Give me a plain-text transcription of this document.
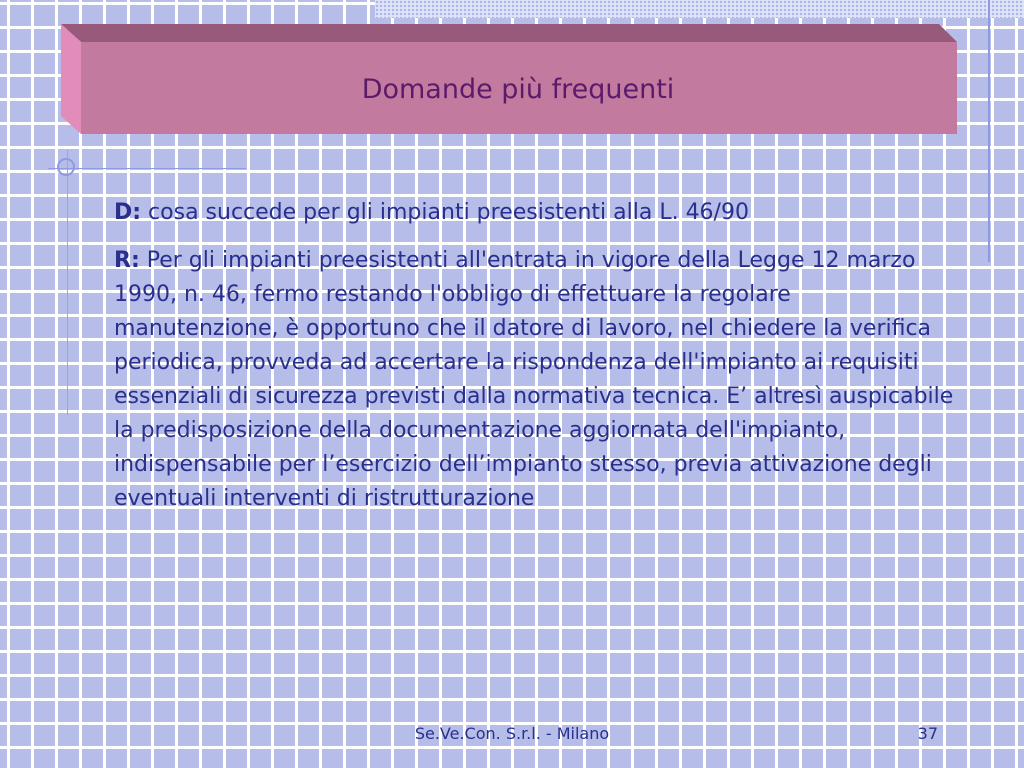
Domande più frequenti

D: cosa succede per gli impianti preesistenti alla L. 46/90

R: Per gli impianti preesistenti all'entrata in vigore della Legge 12 marzo 1990, n. 46, fermo restando l'obbligo di effettuare la regolare manutenzione, è opportuno che il datore di lavoro, nel chiedere la verifica periodica, provveda ad accertare la rispondenza dell'impianto ai requisiti essenziali di sicurezza previsti dalla normativa tecnica. E’ altresì auspicabile la predisposizione della documentazione aggiornata dell'impianto, indispensabile per l’esercizio dell’impianto stesso, previa attivazione degli eventuali interventi di ristrutturazione

Se.Ve.Con. S.r.l. - Milano	37
